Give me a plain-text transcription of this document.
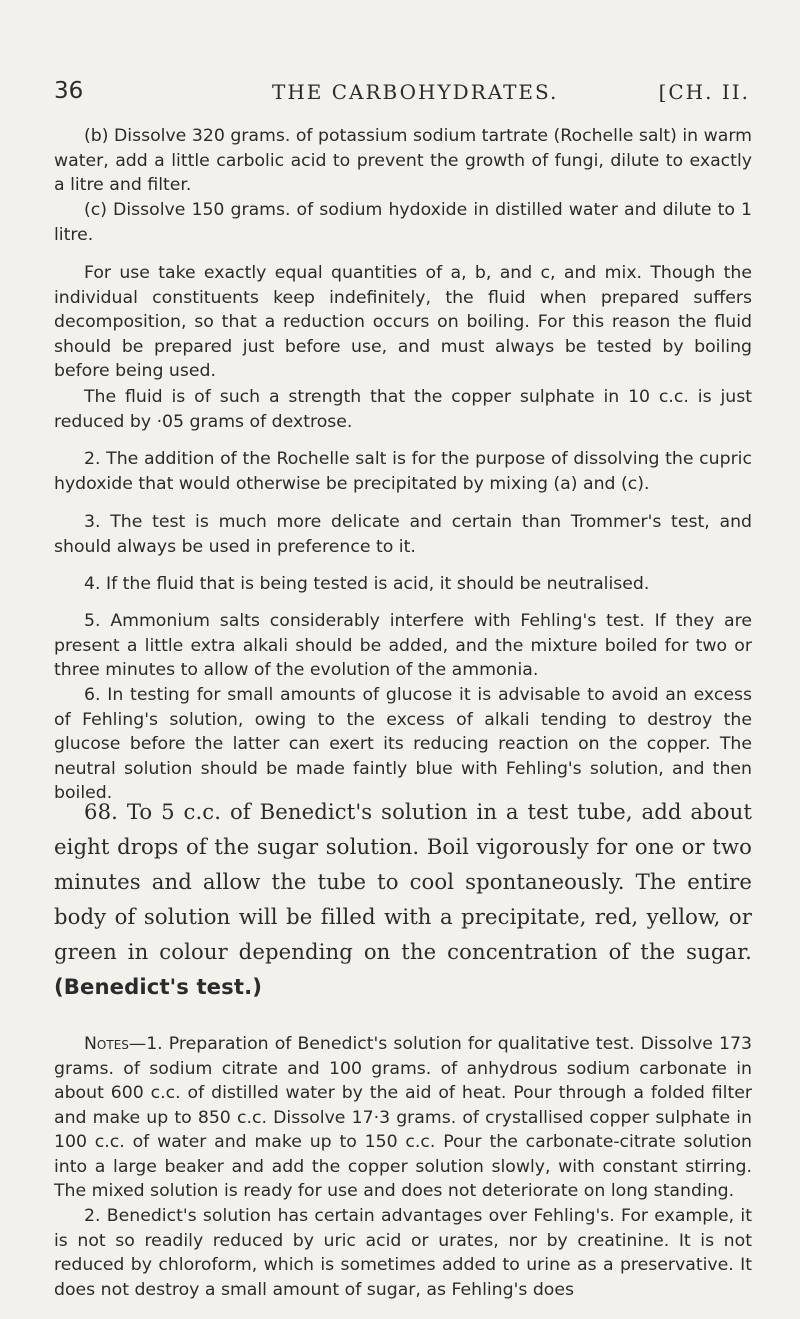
36	THE CARBOHYDRATES.	[CH. II.

(b) Dissolve 320 grams. of potassium sodium tartrate (Rochelle salt) in warm water, add a little carbolic acid to prevent the growth of fungi, dilute to exactly a litre and filter.

(c) Dissolve 150 grams. of sodium hydoxide in distilled water and dilute to 1 litre.

For use take exactly equal quantities of a, b, and c, and mix. Though the individual constituents keep indefinitely, the fluid when prepared suffers decomposition, so that a reduction occurs on boiling. For this reason the fluid should be prepared just before use, and must always be tested by boiling before being used.

The fluid is of such a strength that the copper sulphate in 10 c.c. is just reduced by ·05 grams of dextrose.

2. The addition of the Rochelle salt is for the purpose of dissolving the cupric hydoxide that would otherwise be precipitated by mixing (a) and (c).

3. The test is much more delicate and certain than Trommer's test, and should always be used in preference to it.

4. If the fluid that is being tested is acid, it should be neutralised.

5. Ammonium salts considerably interfere with Fehling's test. If they are present a little extra alkali should be added, and the mixture boiled for two or three minutes to allow of the evolution of the ammonia.

6. In testing for small amounts of glucose it is advisable to avoid an excess of Fehling's solution, owing to the excess of alkali tending to destroy the glucose before the latter can exert its reducing reaction on the copper. The neutral solution should be made faintly blue with Fehling's solution, and then boiled.

68. To 5 c.c. of Benedict's solution in a test tube, add about eight drops of the sugar solution. Boil vigorously for one or two minutes and allow the tube to cool spontaneously. The entire body of solution will be filled with a precipitate, red, yellow, or green in colour depending on the concentration of the sugar. (Benedict's test.)

Notes—1. Preparation of Benedict's solution for qualitative test. Dissolve 173 grams. of sodium citrate and 100 grams. of anhydrous sodium carbonate in about 600 c.c. of distilled water by the aid of heat. Pour through a folded filter and make up to 850 c.c. Dissolve 17·3 grams. of crystallised copper sulphate in 100 c.c. of water and make up to 150 c.c. Pour the carbonate-citrate solution into a large beaker and add the copper solution slowly, with constant stirring. The mixed solution is ready for use and does not deteriorate on long standing.

2. Benedict's solution has certain advantages over Fehling's. For example, it is not so readily reduced by uric acid or urates, nor by creatinine. It is not reduced by chloroform, which is sometimes added to urine as a preservative. It does not destroy a small amount of sugar, as Fehling's does
